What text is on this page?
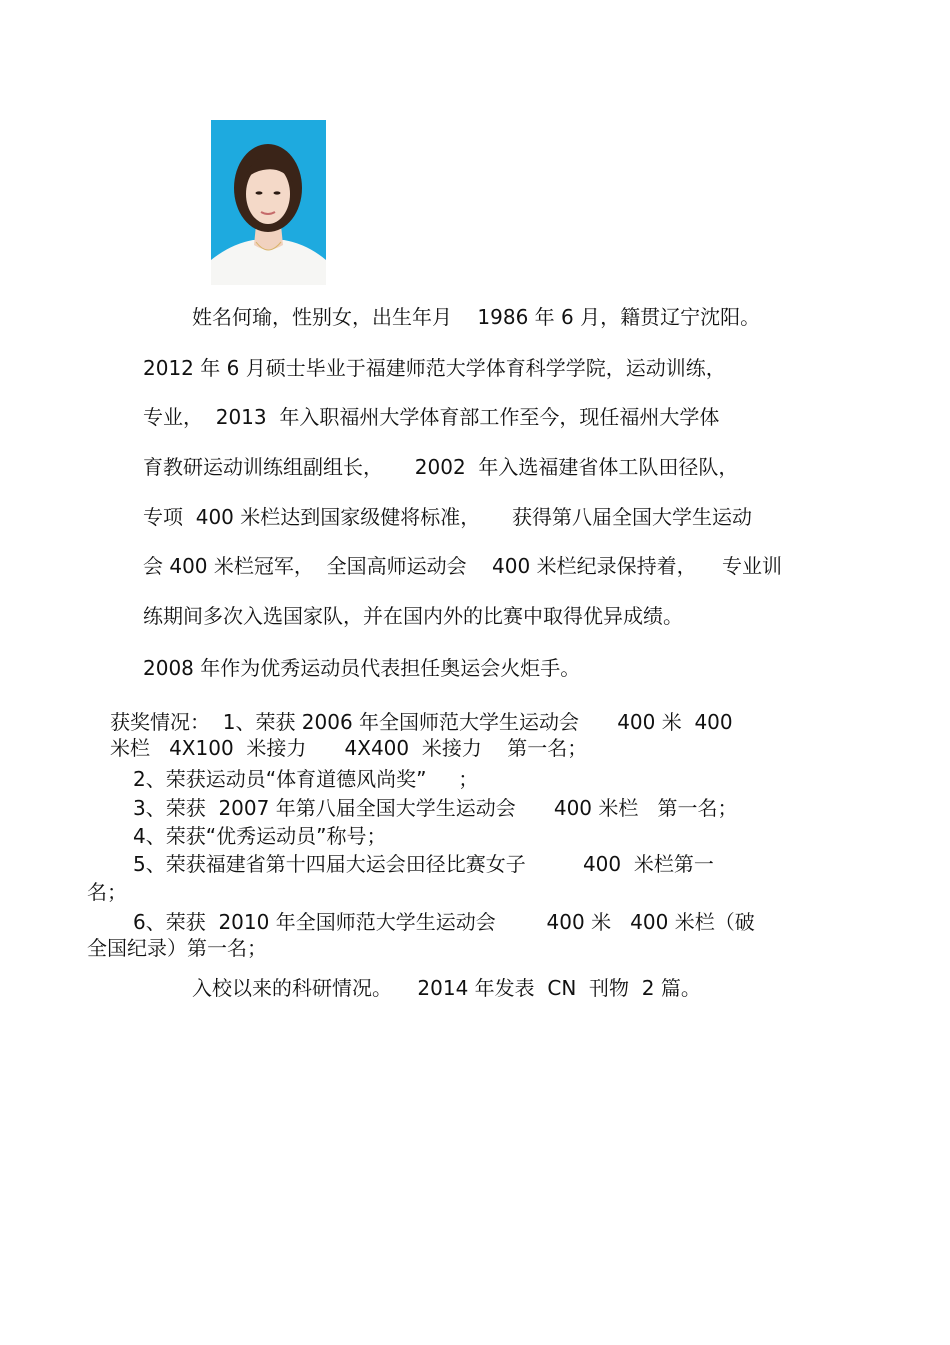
姓名何瑜，性别女，出生年月    1986 年 6 月，籍贯辽宁沈阳。
2012 年 6 月硕士毕业于福建师范大学体育科学学院，运动训练，
专业，  2013  年入职福州大学体育部工作至今，现任福州大学体
育教研运动训练组副组长，     2002  年入选福建省体工队田径队，
专项  400 米栏达到国家级健将标准，     获得第八届全国大学生运动
会 400 米栏冠军，  全国高师运动会    400 米栏纪录保持着，    专业训
练期间多次入选国家队，并在国内外的比赛中取得优异成绩。
2008 年作为优秀运动员代表担任奥运会火炬手。
获奖情况：  1、荣获 2006 年全国师范大学生运动会      400 米  400
米栏   4X100  米接力      4X400  米接力    第一名；
2、荣获运动员“体育道德风尚奖”     ；
3、荣获  2007 年第八届全国大学生运动会      400 米栏   第一名；
4、荣获“优秀运动员”称号；
5、荣获福建省第十四届大运会田径比赛女子         400  米栏第一
名；
6、荣获  2010 年全国师范大学生运动会        400 米   400 米栏（破
全国纪录）第一名；
入校以来的科研情况。    2014 年发表  CN  刊物  2 篇。
